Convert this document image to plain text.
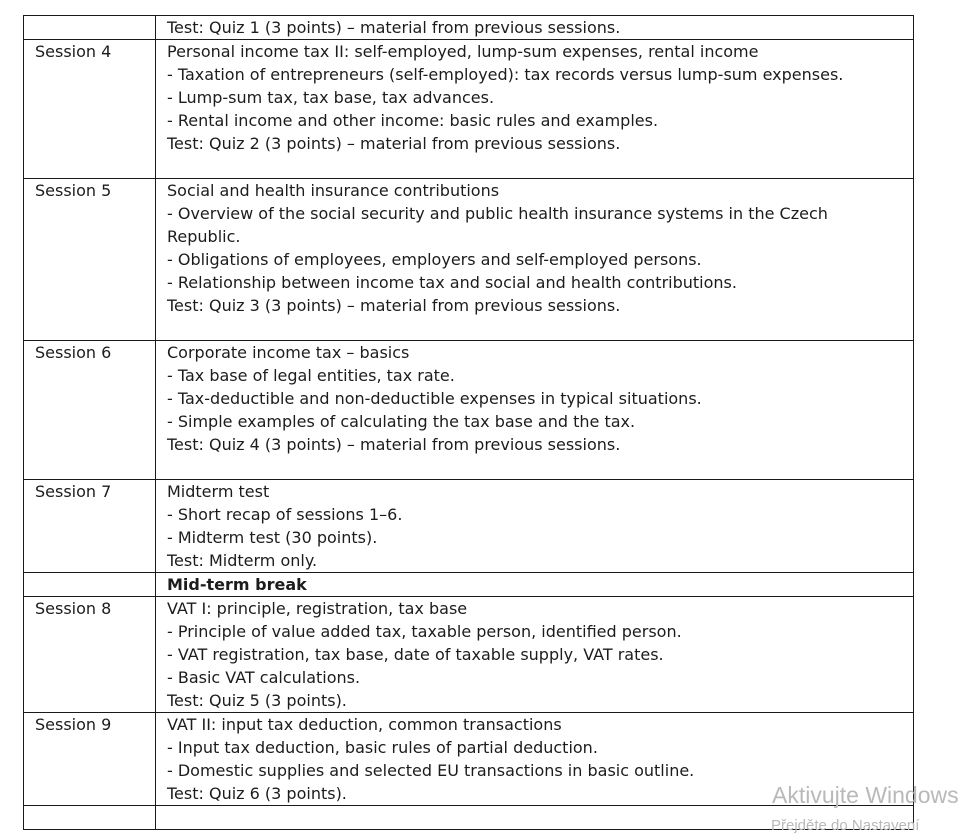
	Test: Quiz 1 (3 points) – material from previous sessions.

Session 4	Personal income tax II: self-employed, lump-sum expenses, rental income
- Taxation of entrepreneurs (self-employed): tax records versus lump-sum expenses.
- Lump-sum tax, tax base, tax advances.
- Rental income and other income: basic rules and examples.
Test: Quiz 2 (3 points) – material from previous sessions.

Session 5	Social and health insurance contributions
- Overview of the social security and public health insurance systems in the Czech Republic.
- Obligations of employees, employers and self-employed persons.
- Relationship between income tax and social and health contributions.
Test: Quiz 3 (3 points) – material from previous sessions.

Session 6	Corporate income tax – basics
- Tax base of legal entities, tax rate.
- Tax-deductible and non-deductible expenses in typical situations.
- Simple examples of calculating the tax base and the tax.
Test: Quiz 4 (3 points) – material from previous sessions.

Session 7	Midterm test
- Short recap of sessions 1–6.
- Midterm test (30 points).
Test: Midterm only.

	Mid-term break

Session 8	VAT I: principle, registration, tax base
- Principle of value added tax, taxable person, identified person.
- VAT registration, tax base, date of taxable supply, VAT rates.
- Basic VAT calculations.
Test: Quiz 5 (3 points).

Session 9	VAT II: input tax deduction, common transactions
- Input tax deduction, basic rules of partial deduction.
- Domestic supplies and selected EU transactions in basic outline.
Test: Quiz 6 (3 points).

		Aktivujte Windows
Přejděte do Nastavení
